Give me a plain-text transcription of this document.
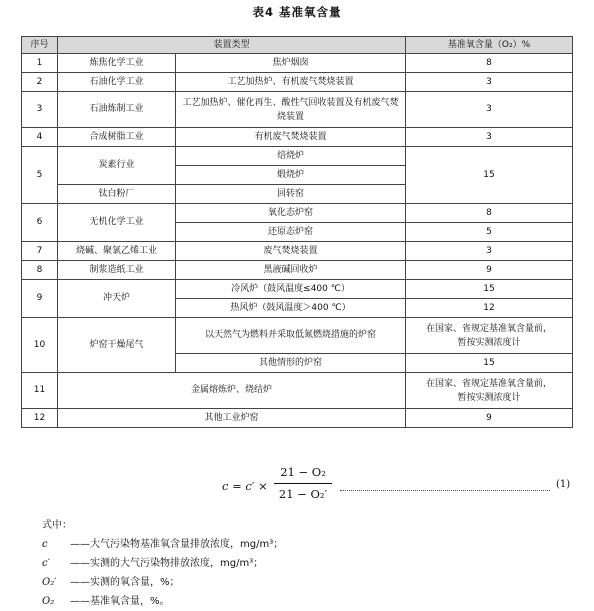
表4 基准氧含量
序号	装置类型		基准氧含量（O₂）%
1	炼焦化学工业	焦炉烟囱	8
2	石油化学工业	工艺加热炉、有机废气焚烧装置	3
3	石油炼制工业	工艺加热炉、催化再生、酸性气回收装置及有机废气焚烧装置	3
4	合成树脂工业	有机废气焚烧装置	3
5	炭素行业	焙烧炉	15
		煅烧炉	
	钛白粉厂	回转窑	
6	无机化学工业	氧化态炉窑	8
		还原态炉窑	5
7	烧碱、聚氯乙烯工业	废气焚烧装置	3
8	制浆造纸工业	黑液碱回收炉	9
9	冲天炉	冷风炉（鼓风温度≤400 ℃）	15
		热风炉（鼓风温度＞400 ℃）	12
10	炉窑干燥尾气	以天然气为燃料并采取低氮燃烧措施的炉窑	在国家、省规定基准氧含量前，
暂按实测浓度计

		其他情形的炉窑	15
11	金属熔炼炉、烧结炉		在国家、省规定基准氧含量前，
暂按实测浓度计

12	其他工业炉窑		9
c = c′ ×
21 − O₂
21 − O₂′
(1)
式中：
c ——大气污染物基准氧含量排放浓度，mg/m³；
c′ ——实测的大气污染物排放浓度，mg/m³；
O₂′ ——实测的氧含量，%；
O₂ ——基准氧含量，%。
